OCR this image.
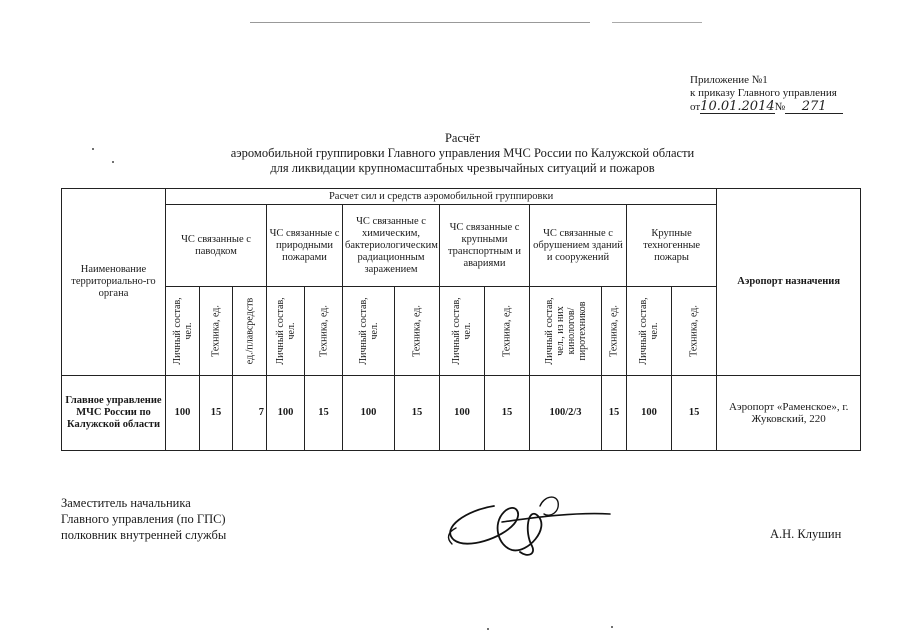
Приложение №1
к приказу Главного управления
от10.01.2014№ 271
Расчёт
аэромобильной группировки Главного управления МЧС России по Калужской области
для ликвидации крупномасштабных чрезвычайных ситуаций и пожаров
Наименование территориально-го органа	Расчет сил и средств аэромобильной группировки													Аэропорт назначения
	ЧС связанные с паводком			ЧС связанные с природными пожарами		ЧС связанные с химическим, бактериологическим радиационным заражением		ЧС связанные с крупными транспортным и авариями		ЧС связанные с обрушением зданий и сооружений		Крупные техногенные пожары		

	Личный состав, чел.	Техника, ед.	ед./плавсредств	Личный состав, чел.	Техника, ед.	Личный состав, чел.	Техника, ед.	Личный состав, чел.	Техника, ед.	Личный состав, чел., из них кинологов/пиротехников	Техника, ед.	Личный состав, чел.	Техника, ед.	

Главное управление МЧС России по Калужской области	100	15	7	100	15	100	15	100	15	100/2/3	15	100	15	Аэропорт «Раменское», г. Жуковский, 220
Заместитель начальника
Главного управления (по ГПС)
полковник внутренней службы	А.Н. Клушин
